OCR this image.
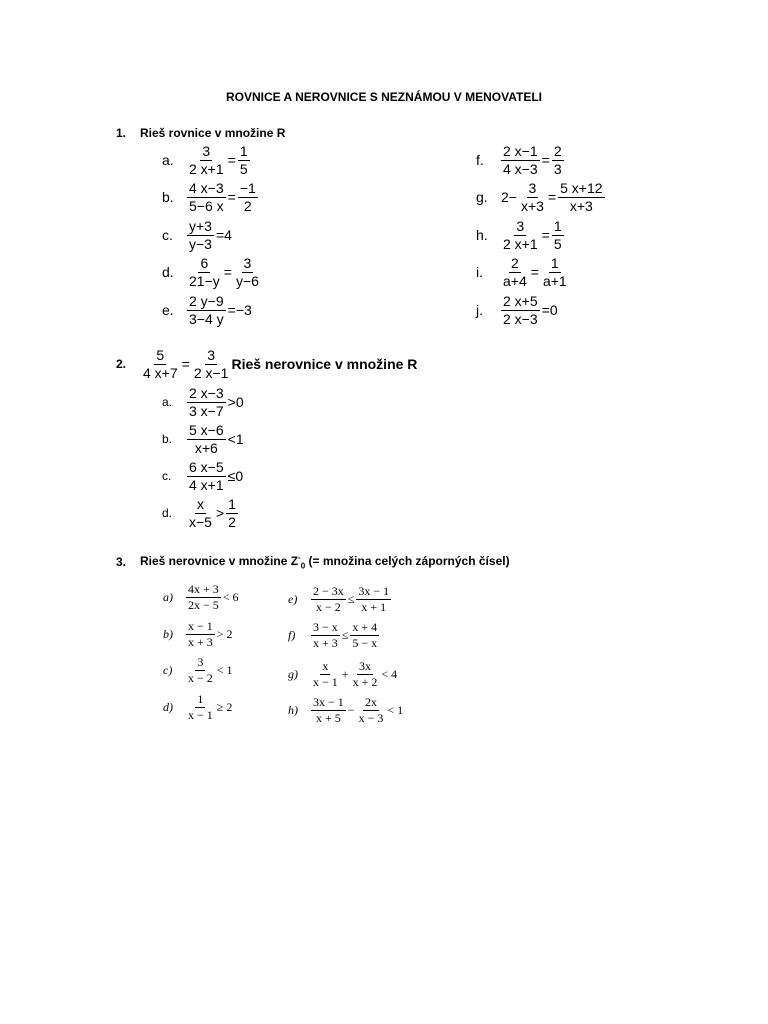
ROVNICE A NEROVNICE S NEZNÁMOU V MENOVATELI
1.	Rieš rovnice v množine R
a. $\frac{3}{2 x+1} = \frac{1}{5}$
b. $\frac{4 x-3}{5-6 x} = \frac{-1}{2}$
c.	$\frac{y+3}{y-3} =4$
d. $\frac{6}{21-y} = \frac{3}{y-6}$
e. $\frac{2 y-9}{3-4 y} =-3$
f.	$\frac{2 x-1}{4 x-3} = \frac{2}{3}$
g. $2- \frac{3}{x+3} = \frac{5 x+12}{x+3}$
h. $\frac{3}{2 x+1} = \frac{1}{5}$
i.	$\frac{2}{a+4} = \frac{1}{a+1}$
j.	$\frac{2 x+5}{2 x-3} =0$
2.	$\frac{5}{4 x+7} = \frac{3}{2 x-1}$ Rieš nerovnice v množine R
a.	$\frac{2 x-3}{3 x-7} >0$
b.	$\frac{5 x-6}{x+6} <1$
c.	$\frac{6 x-5}{4 x+1} \le 0$
d.	$\frac{x}{x-5} > \frac{1}{2}$
3.	Rieš nerovnice v množine $Z^-_0$ (= množina celých záporných čísel)
a)	$\frac{4x + 3}{2x - 5} < 6$
b)	$\frac{x - 1}{x + 3} > 2$
c)	$\frac{3}{x - 2} < 1$
d)	$\frac{1}{x - 1} \ge 2$
e)	$\frac{2 - 3x}{x - 2} \le \frac{3x - 1}{x + 1}$
f)	$\frac{3 - x}{x + 3} \le \frac{x + 4}{5 - x}$
g)	$\frac{x}{x - 1} + \frac{3x}{x + 2} < 4$
h)	$\frac{3x - 1}{x + 5} - \frac{2x}{x - 3} < 1$
